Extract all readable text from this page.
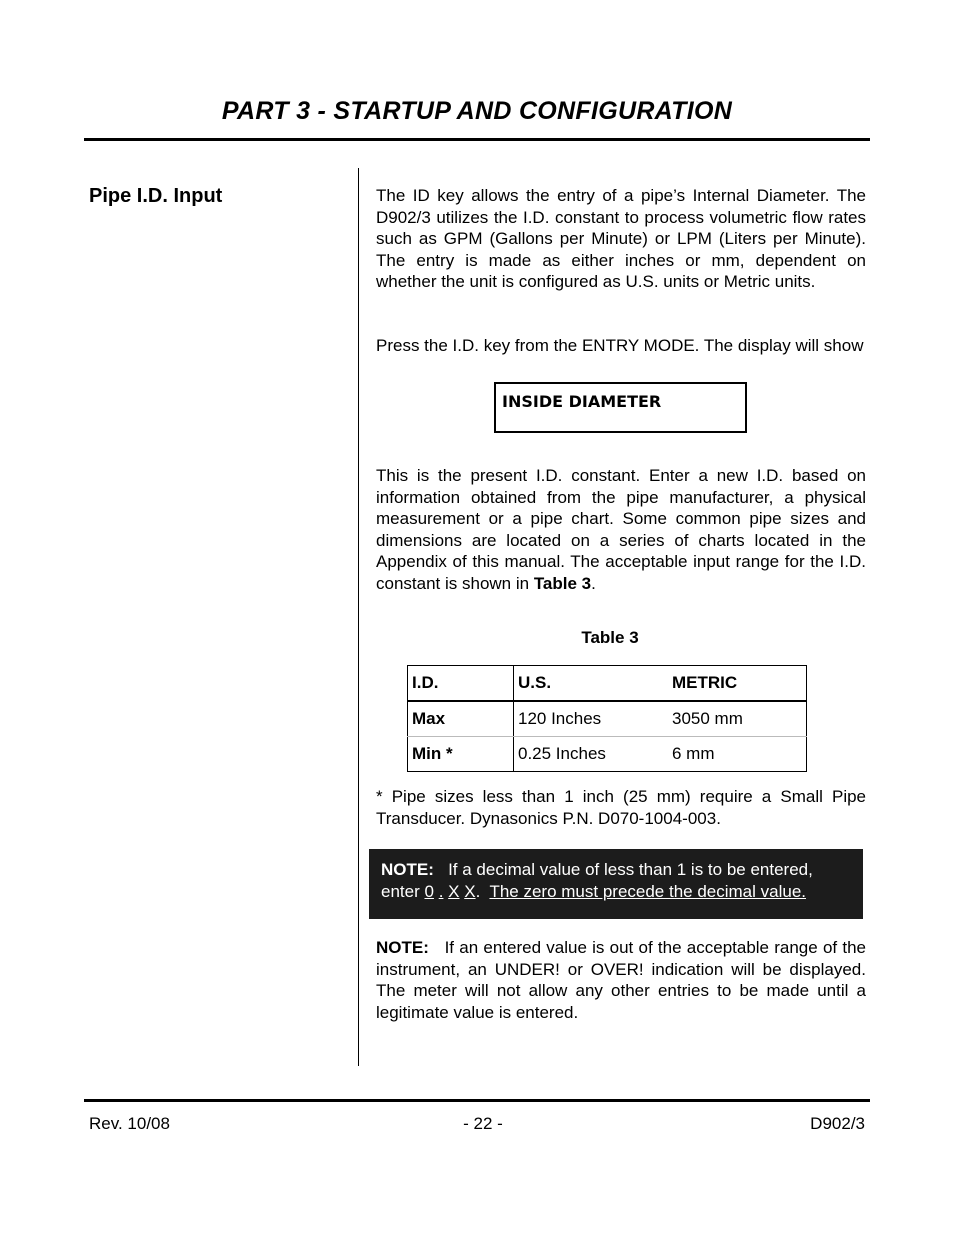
PART 3 - STARTUP AND CONFIGURATION
Pipe I.D. Input	The ID key allows the entry of a pipe’s Internal Diameter. The D902/3 utilizes the I.D. constant to process volumetric flow rates such as GPM (Gallons per Minute) or LPM (Liters per Minute). The entry is made as either inches or mm, dependent on whether the unit is configured as U.S. units or Metric units.

Press the I.D. key from the ENTRY MODE. The display will show

INSIDE DIAMETER

This is the present I.D. constant. Enter a new I.D. based on information obtained from the pipe manufacturer, a physical measurement or a pipe chart. Some common pipe sizes and dimensions are located on a series of charts located in the Appendix of this manual. The acceptable input range for the I.D. constant is shown in Table 3.

Table 3
I.D.	U.S.	METRIC
Max	120 Inches	3050 mm
Min *	0.25 Inches	6 mm

* Pipe sizes less than 1 inch (25 mm) require a Small Pipe Transducer. Dynasonics P.N. D070-1004-003.

NOTE: If a decimal value of less than 1 is to be entered,
enter 0 . X X. The zero must precede the decimal value.

NOTE: If an entered value is out of the acceptable range of the instrument, an UNDER! or OVER! indication will be displayed. The meter will not allow any other entries to be made until a legitimate value is entered.

Rev. 10/08	- 22 -	D902/3
